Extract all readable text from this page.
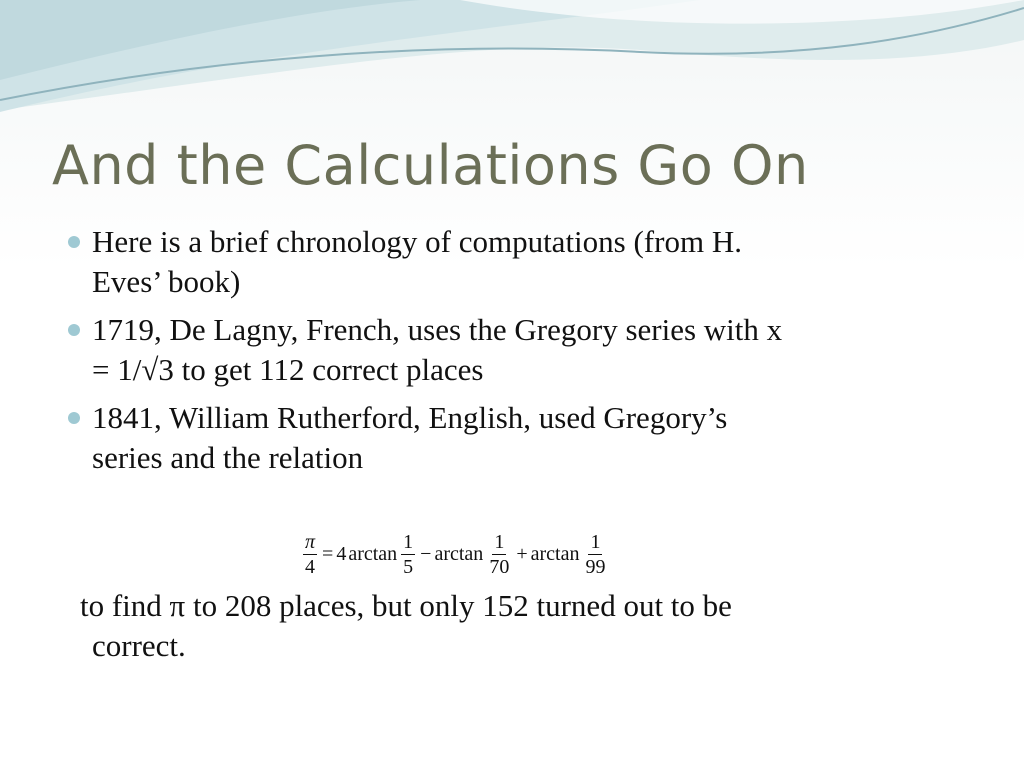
And the Calculations Go On
Here is a brief chronology of computations (from H.
Eves’ book)
1719, De Lagny, French, uses the Gregory series with x
= 1/√3 to get 112 correct places
1841, William Rutherford, English, used Gregory’s
series and the relation
$\frac{\pi}{4} = 4$ $\arctan \frac{1}{5} - \arctan \frac{1}{70} + \arctan \frac{1}{99}$

to find π to 208 places, but only 152 turned out to be
correct.
